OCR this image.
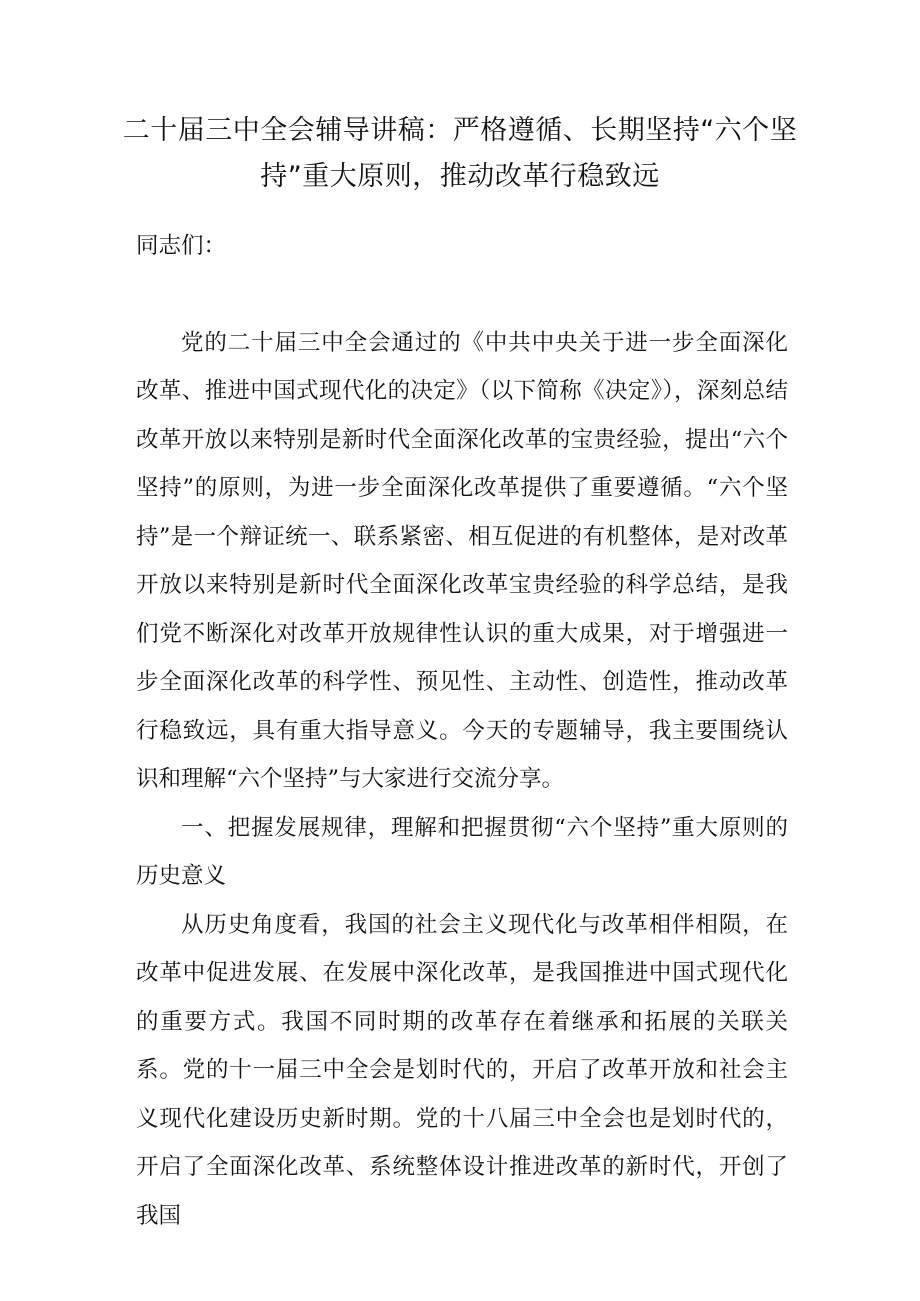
二十届三中全会辅导讲稿：严格遵循、长期坚持“六个坚持”重大原则，推动改革行稳致远

同志们：

党的二十届三中全会通过的《中共中央关于进一步全面深化改革、推进中国式现代化的决定》（以下简称《决定》），深刻总结改革开放以来特别是新时代全面深化改革的宝贵经验，提出“六个坚持”的原则，为进一步全面深化改革提供了重要遵循。“六个坚持”是一个辩证统一、联系紧密、相互促进的有机整体，是对改革开放以来特别是新时代全面深化改革宝贵经验的科学总结，是我们党不断深化对改革开放规律性认识的重大成果，对于增强进一步全面深化改革的科学性、预见性、主动性、创造性，推动改革行稳致远，具有重大指导意义。今天的专题辅导，我主要围绕认识和理解“六个坚持”与大家进行交流分享。

一、把握发展规律，理解和把握贯彻“六个坚持”重大原则的历史意义

从历史角度看，我国的社会主义现代化与改革相伴相陨，在改革中促进发展、在发展中深化改革，是我国推进中国式现代化的重要方式。我国不同时期的改革存在着继承和拓展的关联关系。党的十一届三中全会是划时代的，开启了改革开放和社会主义现代化建设历史新时期。党的十八届三中全会也是划时代的，开启了全面深化改革、系统整体设计推进改革的新时代，开创了我国
